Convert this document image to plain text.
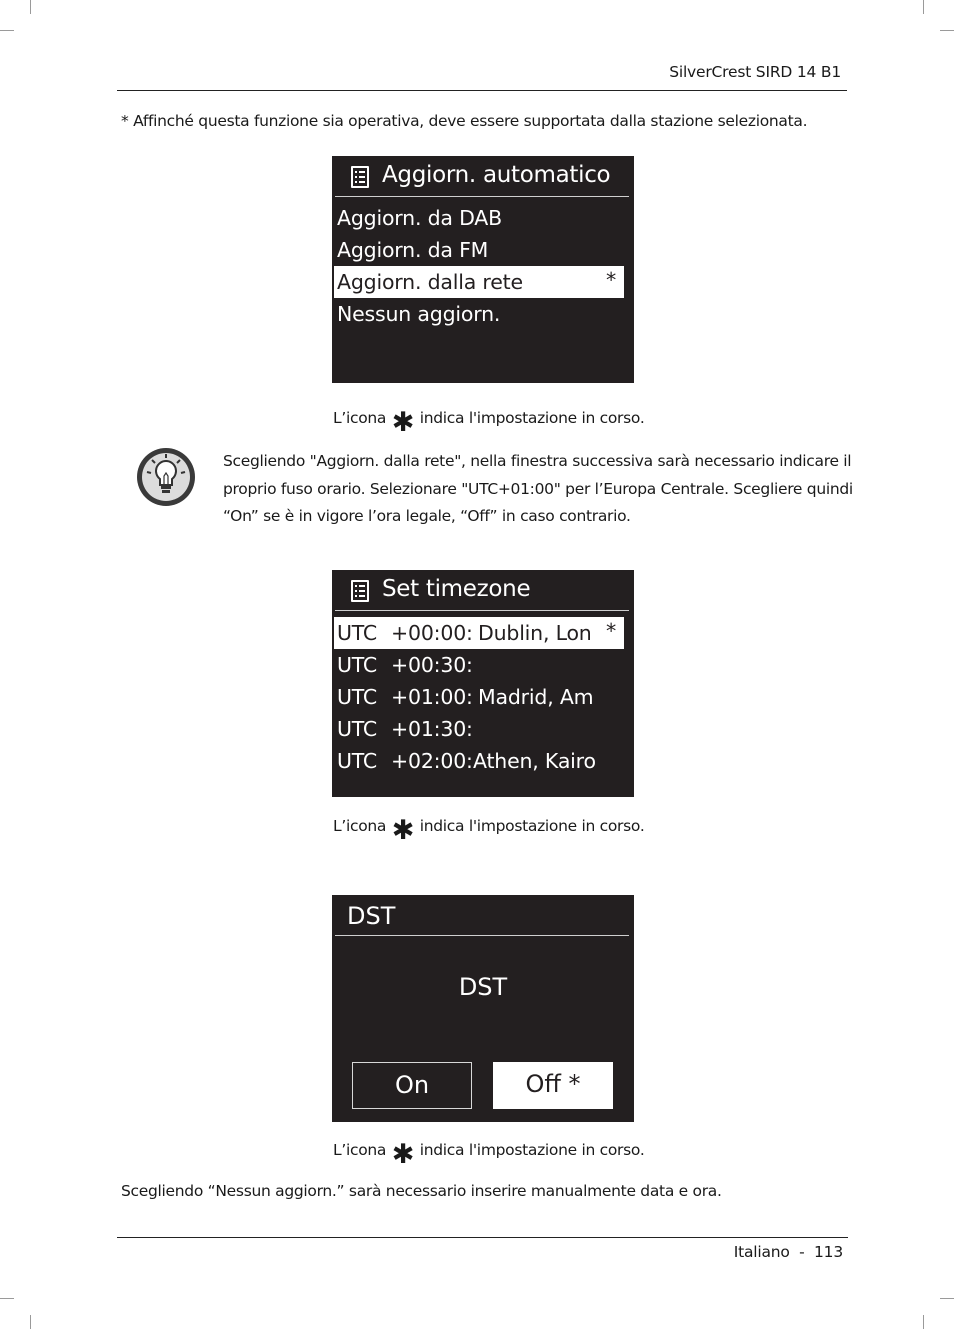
SilverCrest SIRD 14 B1
* Affinché questa funzione sia operativa, deve essere supportata dalla stazione selezionata.
Aggiorn. automatico
Aggiorn. da DAB
Aggiorn. da FM
Aggiorn. dalla rete	*
Nessun aggiorn.
L’icona ✱ indica l'impostazione in corso.
Scegliendo "Aggiorn. dalla rete", nella finestra successiva sarà necessario indicare il proprio fuso orario. Selezionare "UTC+01:00" per l’Europa Centrale. Scegliere quindi “On” se è in vigore l’ora legale, “Off” in caso contrario.
Set timezone
UTC +00:00: Dublin, Lon *
UTC +00:30:
UTC +01:00: Madrid, Am
UTC +01:30:
UTC +02:00: Athen, Kairo
L’icona ✱ indica l'impostazione in corso.
DST
DST
On	Off *
L’icona ✱ indica l'impostazione in corso.
Scegliendo “Nessun aggiorn.” sarà necessario inserire manualmente data e ora.
Italiano  -  113
